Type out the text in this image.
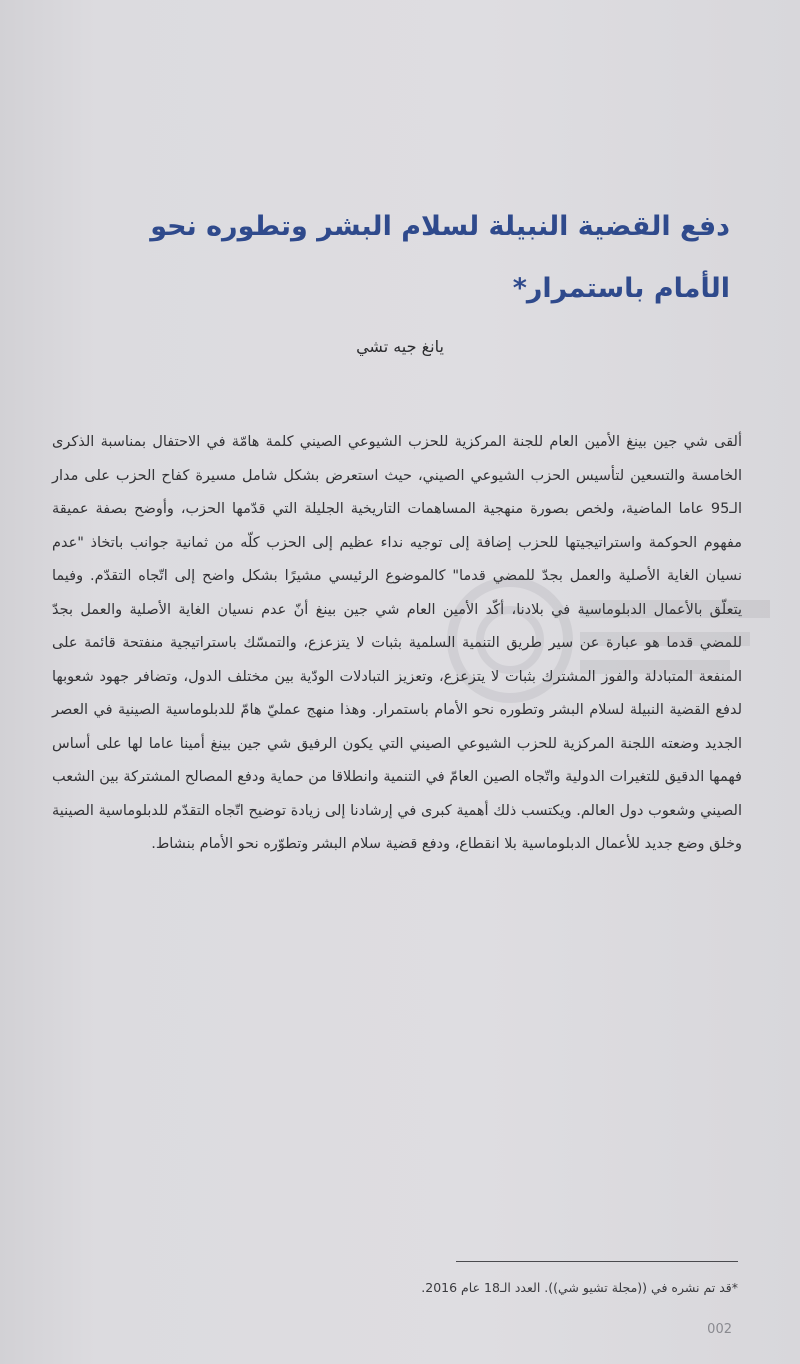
دفع القضية النبيلة لسلام البشر وتطوره نحو الأمام باستمرار*
يانغ جيه تشي

ألقى شي جين بينغ الأمين العام للجنة المركزية للحزب الشيوعي الصيني كلمة هامّة في الاحتفال بمناسبة الذكرى الخامسة والتسعين لتأسيس الحزب الشيوعي الصيني، حيث استعرض بشكل شامل مسيرة كفاح الحزب على مدار الـ95 عاما الماضية، ولخص بصورة منهجية المساهمات التاريخية الجليلة التي قدّمها الحزب، وأوضح بصفة عميقة مفهوم الحوكمة واستراتيجيتها للحزب إضافة إلى توجيه نداء عظيم إلى الحزب كلّه من ثمانية جوانب باتخاذ "عدم نسيان الغاية الأصلية والعمل بجدّ للمضي قدما" كالموضوع الرئيسي مشيرًا بشكل واضح إلى اتّجاه التقدّم. وفيما يتعلّق بالأعمال الدبلوماسية في بلادنا، أكّد الأمين العام شي جين بينغ أنّ عدم نسيان الغاية الأصلية والعمل بجدّ للمضي قدما هو عبارة عن سير طريق التنمية السلمية بثبات لا يتزعزع، والتمسّك باستراتيجية منفتحة قائمة على المنفعة المتبادلة والفوز المشترك بثبات لا يتزعزع، وتعزيز التبادلات الودّية بين مختلف الدول، وتضافر جهود شعوبها لدفع القضية النبيلة لسلام البشر وتطوره نحو الأمام باستمرار. وهذا منهج عمليّ هامّ للدبلوماسية الصينية في العصر الجديد وضعته اللجنة المركزية للحزب الشيوعي الصيني التي يكون الرفيق شي جين بينغ أمينا عاما لها على أساس فهمها الدقيق للتغيرات الدولية واتّجاه الصين العامّ في التنمية وانطلاقا من حماية ودفع المصالح المشتركة بين الشعب الصيني وشعوب دول العالم. ويكتسب ذلك أهمية كبرى في إرشادنا إلى زيادة توضيح اتّجاه التقدّم للدبلوماسية الصينية وخلق وضع جديد للأعمال الدبلوماسية بلا انقطاع، ودفع قضية سلام البشر وتطوّره نحو الأمام بنشاط.

*قد تم نشره في ((مجلة تشيو شي)). العدد الـ18 عام 2016.
002
